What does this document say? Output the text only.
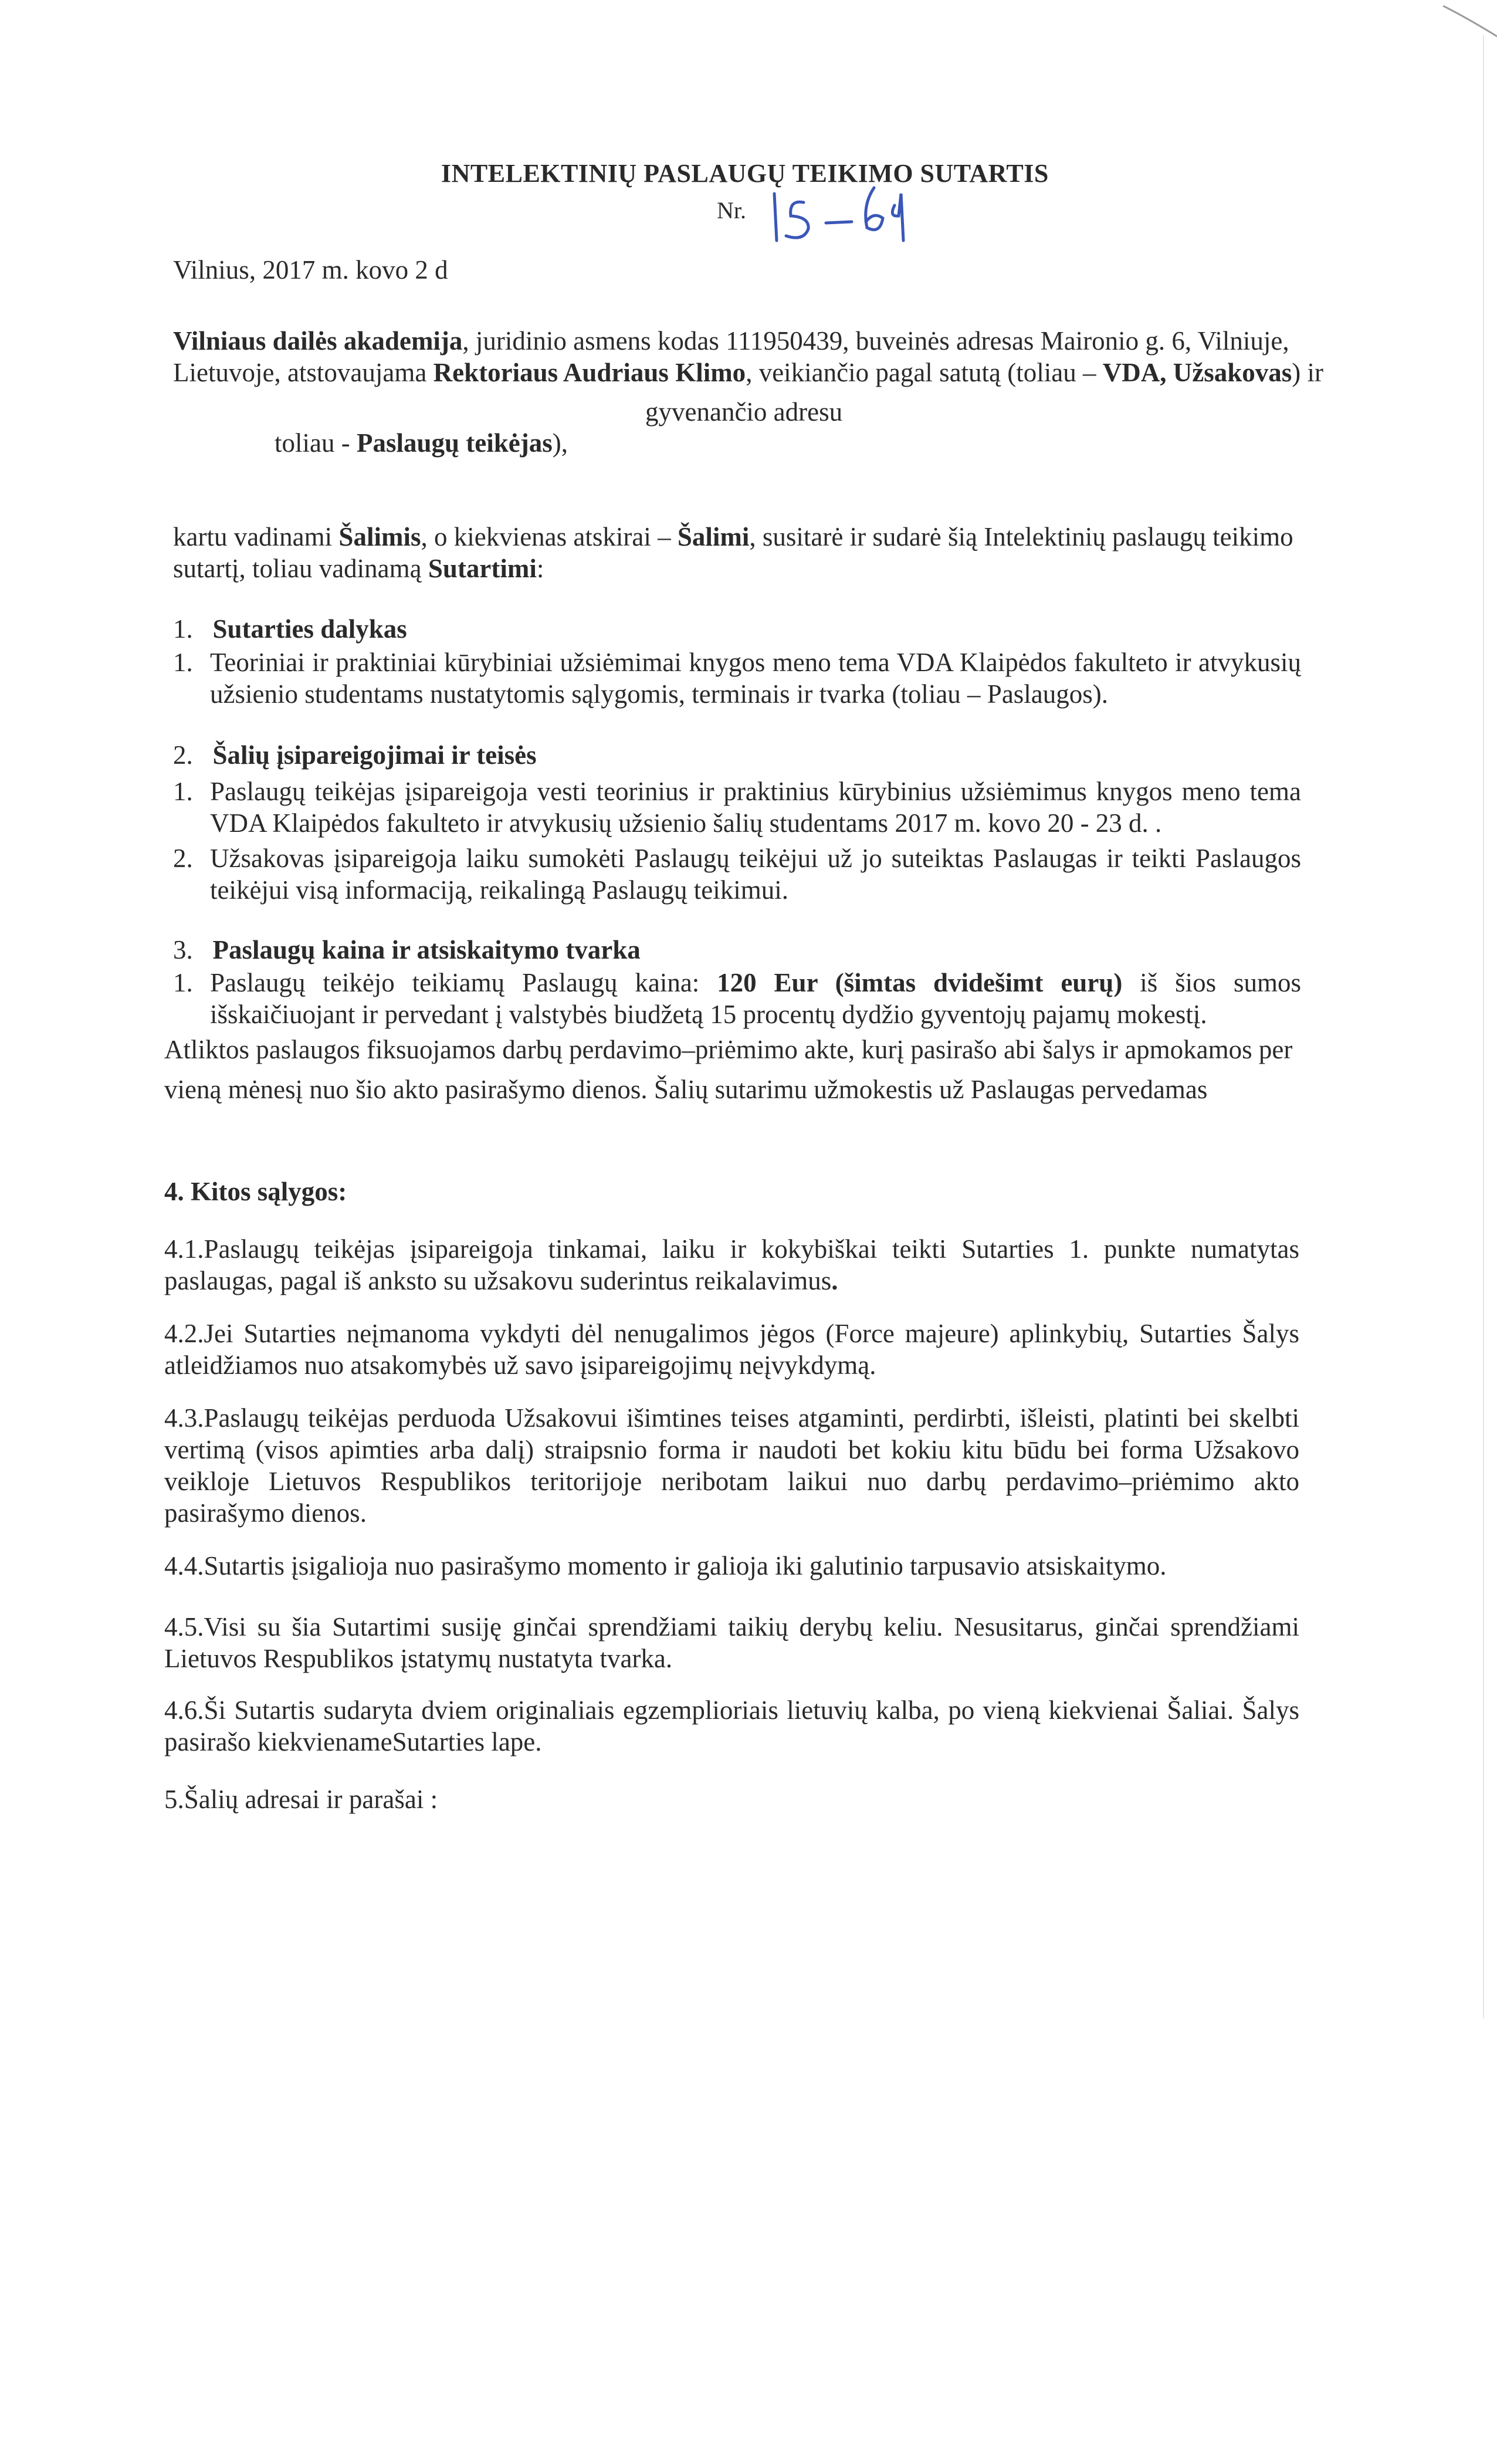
INTELEKTINIŲ PASLAUGŲ TEIKIMO SUTARTIS
Nr.
Vilnius, 2017 m. kovo 2 d
Vilniaus dailės akademija, juridinio asmens kodas 111950439, buveinės adresas Maironio g. 6, Vilniuje,
Lietuvoje, atstovaujama Rektoriaus Audriaus Klimo, veikiančio pagal satutą (toliau – VDA, Užsakovas) ir
gyvenančio adresu
toliau - Paslaugų teikėjas),
kartu vadinami Šalimis, o kiekvienas atskirai – Šalimi, susitarė ir sudarė šią Intelektinių paslaugų teikimo
sutartį, toliau vadinamą Sutartimi:
1. Sutarties dalykas
1. Teoriniai ir praktiniai kūrybiniai užsiėmimai knygos meno tema VDA Klaipėdos fakulteto ir atvykusių užsienio studentams nustatytomis sąlygomis, terminais ir tvarka (toliau – Paslaugos).
2. Šalių įsipareigojimai ir teisės
1. Paslaugų teikėjas įsipareigoja vesti teorinius ir praktinius kūrybinius užsiėmimus knygos meno tema VDA Klaipėdos fakulteto ir atvykusių užsienio šalių studentams 2017 m. kovo 20 - 23 d. .
2. Užsakovas įsipareigoja laiku sumokėti Paslaugų teikėjui už jo suteiktas Paslaugas ir teikti Paslaugos teikėjui visą informaciją, reikalingą Paslaugų teikimui.
3. Paslaugų kaina ir atsiskaitymo tvarka
1. Paslaugų teikėjo teikiamų Paslaugų kaina: 120 Eur (šimtas dvidešimt eurų) iš šios sumos išskaičiuojant ir pervedant į valstybės biudžetą 15 procentų dydžio gyventojų pajamų mokestį.
Atliktos paslaugos fiksuojamos darbų perdavimo–priėmimo akte, kurį pasirašo abi šalys ir apmokamos per
vieną mėnesį nuo šio akto pasirašymo dienos. Šalių sutarimu užmokestis už Paslaugas pervedamas
4. Kitos sąlygos:
4.1.Paslaugų teikėjas įsipareigoja tinkamai, laiku ir kokybiškai teikti Sutarties 1. punkte numatytas paslaugas, pagal iš anksto su užsakovu suderintus reikalavimus.
4.2.Jei Sutarties neįmanoma vykdyti dėl nenugalimos jėgos (Force majeure) aplinkybių, Sutarties Šalys atleidžiamos nuo atsakomybės už savo įsipareigojimų neįvykdymą.
4.3.Paslaugų teikėjas perduoda Užsakovui išimtines teises atgaminti, perdirbti, išleisti, platinti bei skelbti vertimą (visos apimties arba dalį) straipsnio forma ir naudoti bet kokiu kitu būdu bei forma Užsakovo veikloje Lietuvos Respublikos teritorijoje neribotam laikui nuo darbų perdavimo–priėmimo akto pasirašymo dienos.
4.4.Sutartis įsigalioja nuo pasirašymo momento ir galioja iki galutinio tarpusavio atsiskaitymo.
4.5.Visi su šia Sutartimi susiję ginčai sprendžiami taikių derybų keliu. Nesusitarus, ginčai sprendžiami Lietuvos Respublikos įstatymų nustatyta tvarka.
4.6.Ši Sutartis sudaryta dviem originaliais egzemplioriais lietuvių kalba, po vieną kiekvienai Šaliai. Šalys pasirašo kiekvienameSutarties lape.
5.Šalių adresai ir parašai :
